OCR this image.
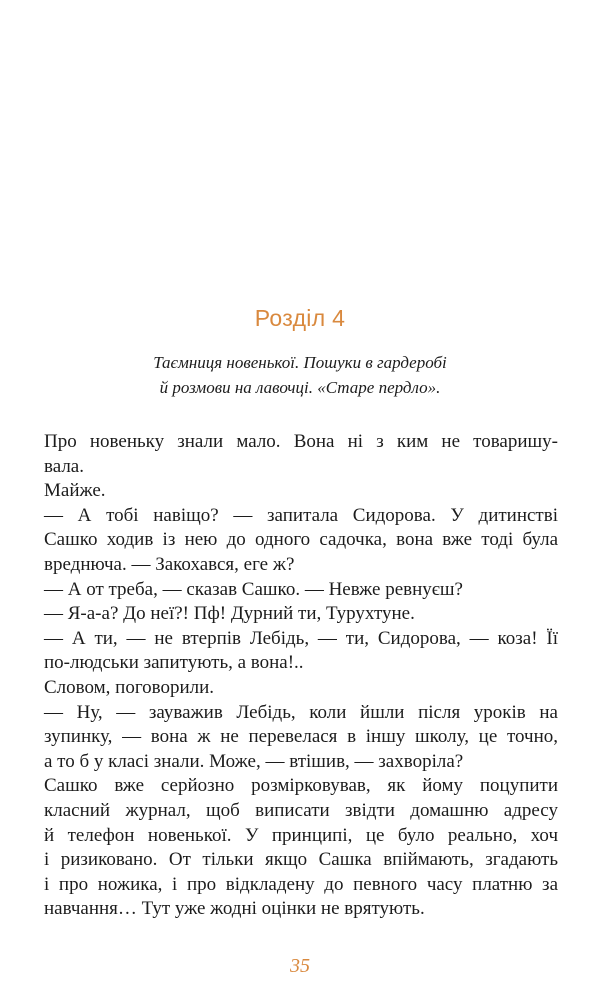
Розділ 4
Таємниця новенької. Пошуки в гардеробі
й розмови на лавочці. «Старе пердло».
Про новеньку знали мало. Вона ні з ким не товаришу-
вала.
Майже.
— А тобі навіщо? — запитала Сидорова. У дитинстві
Сашко ходив із нею до одного садочка, вона вже тоді була
вреднюча. — Закохався, еге ж?
— А от треба, — сказав Сашко. — Невже ревнуєш?
— Я-а-а? До неї?! Пф! Дурний ти, Турухтуне.
— А ти, — не втерпів Лебідь, — ти, Сидорова, — коза! Її
по-людськи запитують, а вона!..
Словом, поговорили.
— Ну, — зауважив Лебідь, коли йшли після уроків на
зупинку, — вона ж не перевелася в іншу школу, це точно,
а то б у класі знали. Може, — втішив, — захворіла?
Сашко вже серйозно розмірковував, як йому поцупити
класний журнал, щоб виписати звідти домашню адресу
й телефон новенької. У принципі, це було реально, хоч
і ризиковано. От тільки якщо Сашка впіймають, згадають
і про ножика, і про відкладену до певного часу платню за
навчання… Тут уже жодні оцінки не врятують.
35
